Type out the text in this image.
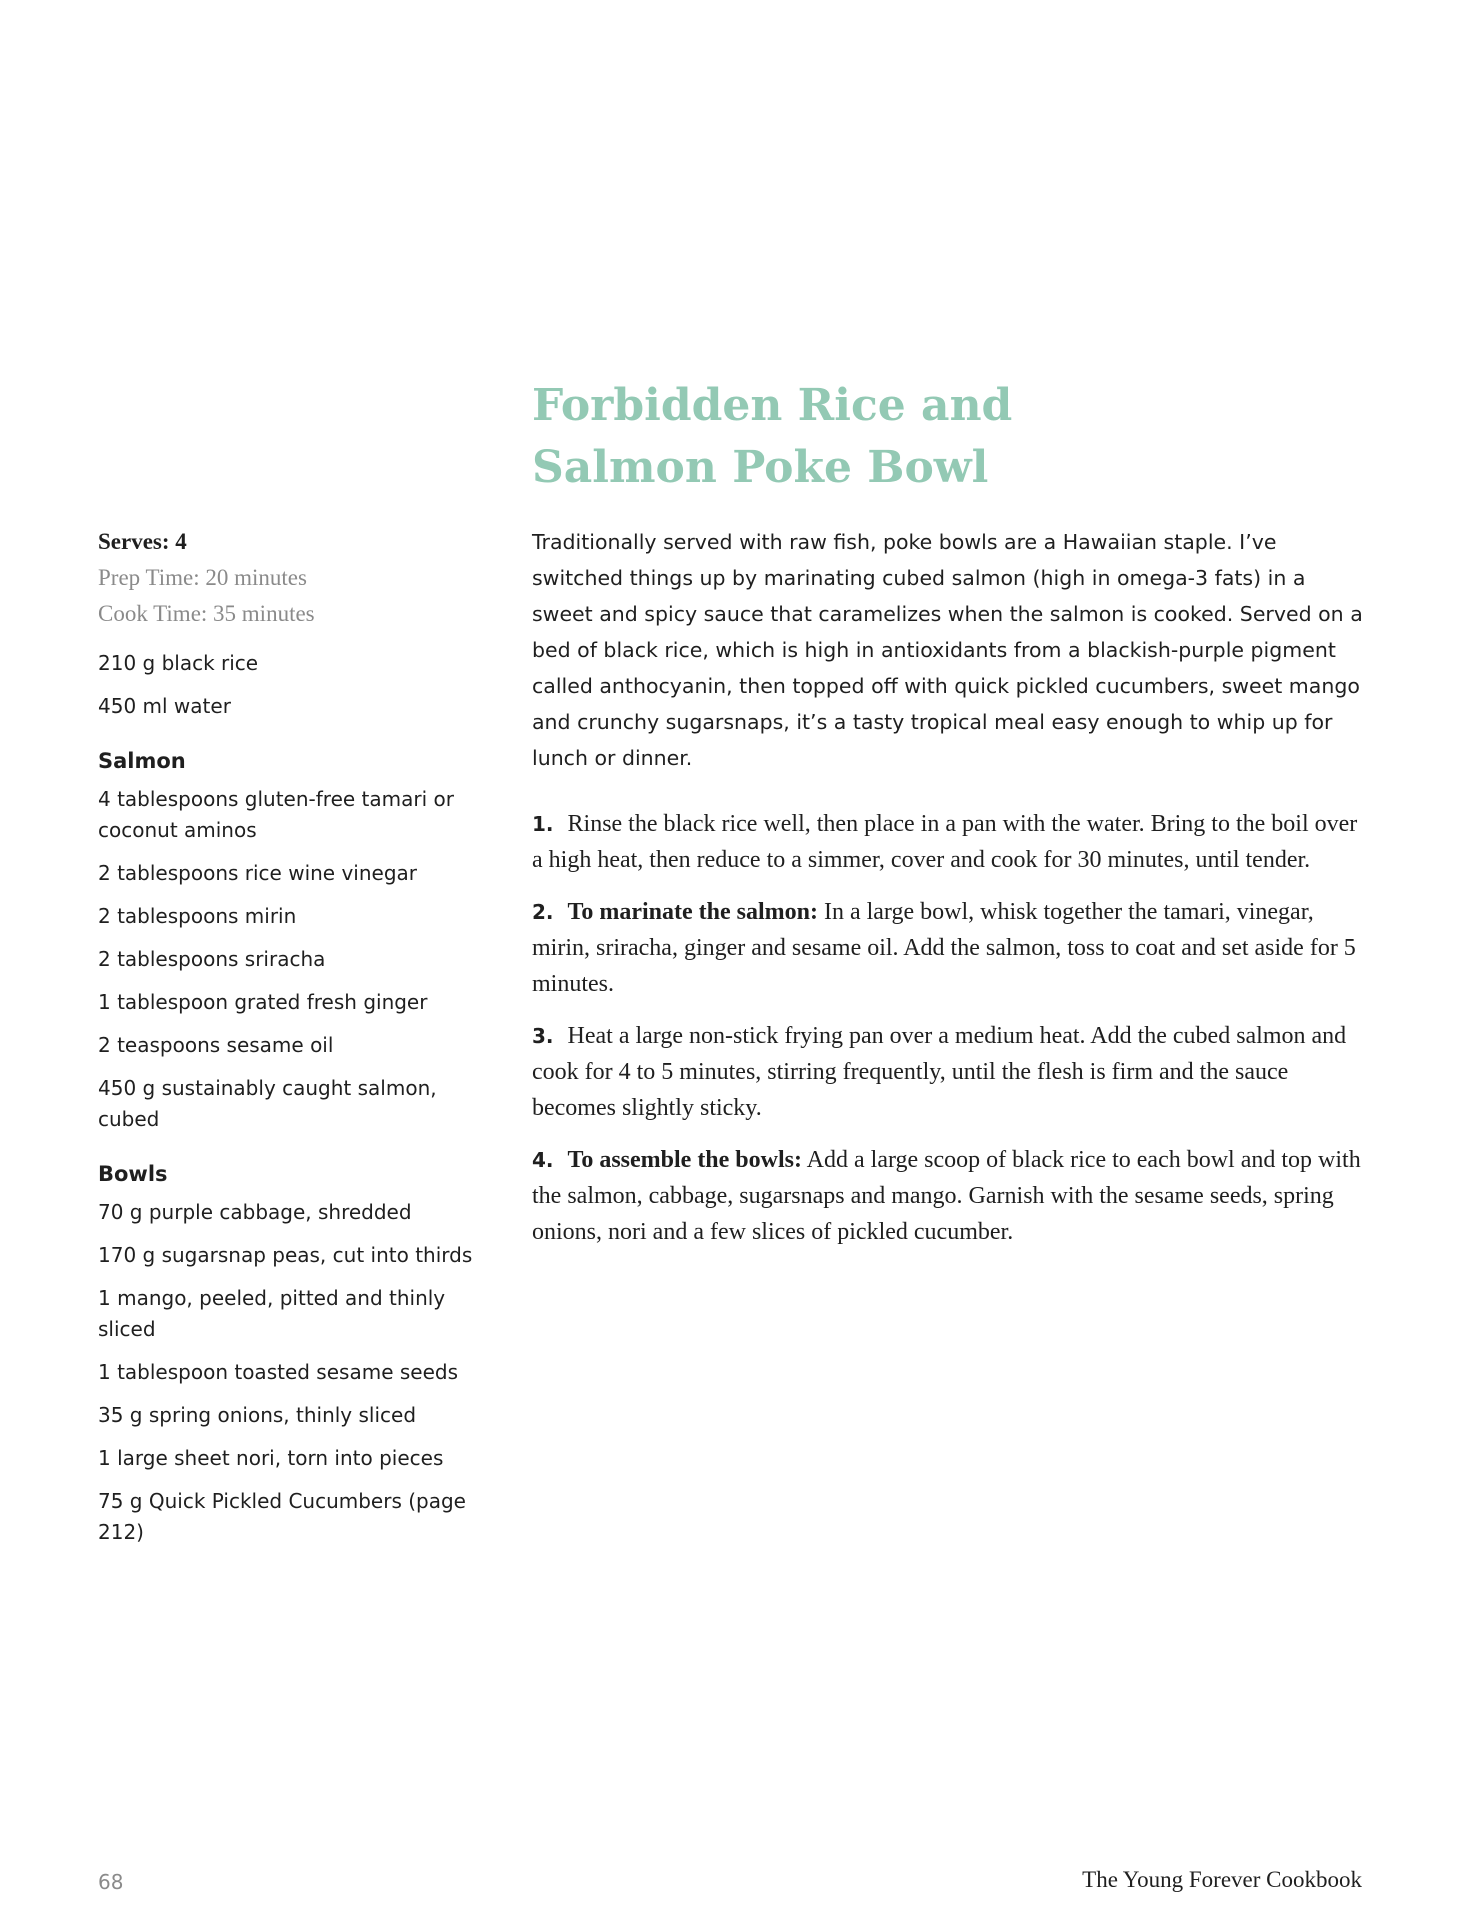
Forbidden Rice and
Salmon Poke Bowl
Serves: 4
Prep Time: 20 minutes
Cook Time: 35 minutes
210 g black rice
450 ml water
Salmon
4 tablespoons gluten-free tamari or coconut aminos
2 tablespoons rice wine vinegar
2 tablespoons mirin
2 tablespoons sriracha
1 tablespoon grated fresh ginger
2 teaspoons sesame oil
450 g sustainably caught salmon, cubed
Bowls
70 g purple cabbage, shredded
170 g sugarsnap peas, cut into thirds
1 mango, peeled, pitted and thinly sliced
1 tablespoon toasted sesame seeds
35 g spring onions, thinly sliced
1 large sheet nori, torn into pieces
75 g Quick Pickled Cucumbers (page 212)

Traditionally served with raw fish, poke bowls are a Hawaiian staple. I’ve switched things up by marinating cubed salmon (high in omega-3 fats) in a sweet and spicy sauce that caramelizes when the salmon is cooked. Served on a bed of black rice, which is high in antioxidants from a blackish-purple pigment called anthocyanin, then topped off with quick pickled cucumbers, sweet mango and crunchy sugarsnaps, it’s a tasty tropical meal easy enough to whip up for lunch or dinner.

1. Rinse the black rice well, then place in a pan with the water. Bring to the boil over a high heat, then reduce to a simmer, cover and cook for 30 minutes, until tender.
2. To marinate the salmon: In a large bowl, whisk together the tamari, vinegar, mirin, sriracha, ginger and sesame oil. Add the salmon, toss to coat and set aside for 5 minutes.
3. Heat a large non-stick frying pan over a medium heat. Add the cubed salmon and cook for 4 to 5 minutes, stirring frequently, until the flesh is firm and the sauce becomes slightly sticky.
4. To assemble the bowls: Add a large scoop of black rice to each bowl and top with the salmon, cabbage, sugarsnaps and mango. Garnish with the sesame seeds, spring onions, nori and a few slices of pickled cucumber.
68	The Young Forever Cookbook
